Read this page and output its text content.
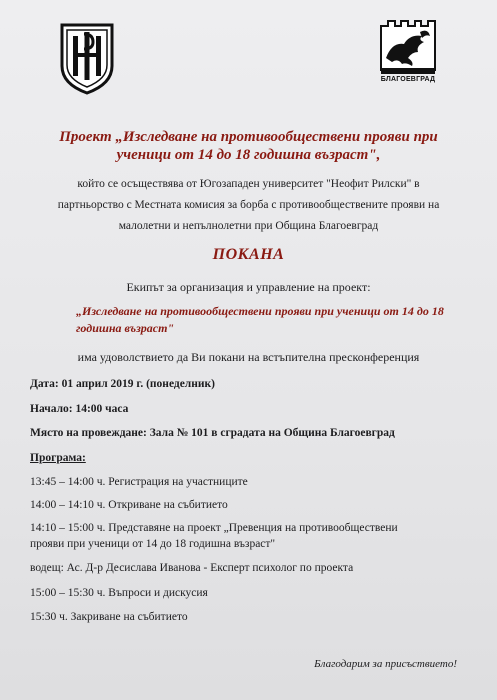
БЛАГОЕВГРАД
Проект „Изследване на противообществени прояви при
ученици от 14 до 18 годишна възраст",
който се осъществява от Югозападен университет "Неофит Рилски" в
партньорство с Местната комисия за борба с противообществените прояви на
малолетни и непълнолетни при Община Благоевград
ПОКАНА
Екипът за организация и управление на проект:
„Изследване на противообществени прояви при ученици от 14 до 18
годишна възраст"
има удоволствието да Ви покани на встъпителна пресконференция
Дата: 01 април 2019 г. (понеделник)
Начало: 14:00 часа
Място на провеждане: Зала № 101 в сградата на Община Благоевград
Програма:
13:45 – 14:00 ч. Регистрация на участниците
14:00 – 14:10 ч. Откриване на събитието
14:10 – 15:00 ч. Представяне на проект „Превенция на противообществени
прояви при ученици от 14 до 18 годишна възраст"
водещ: Ас. Д-р Десислава Иванова - Експерт психолог по проекта
15:00 – 15:30 ч. Въпроси и дискусия
15:30 ч. Закриване на събитието
Благодарим за присъствието!
